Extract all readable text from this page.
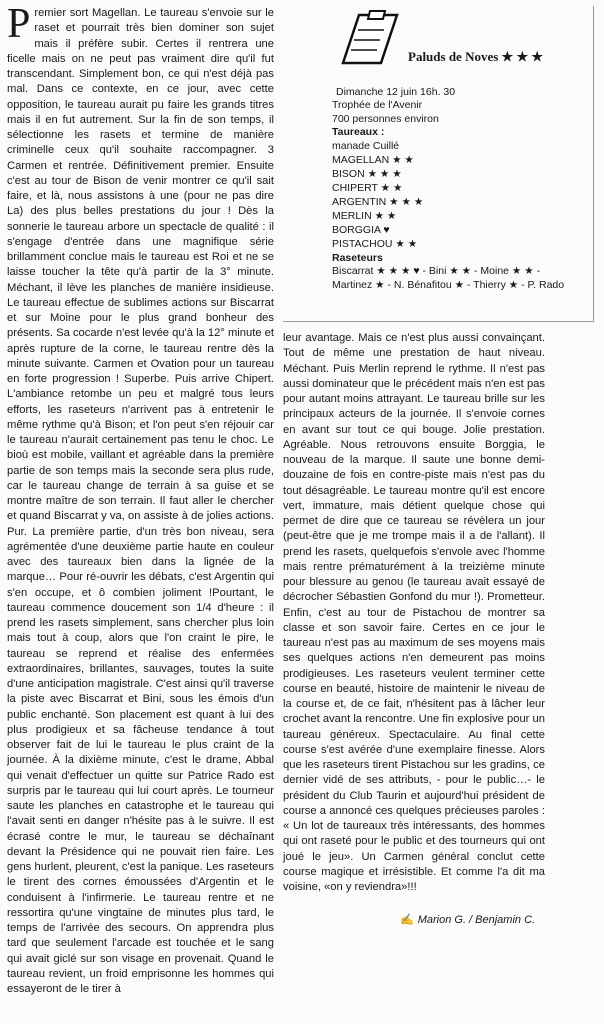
Premier sort Magellan. Le taureau s'envoie sur le raset et pourrait très bien dominer son sujet mais il préfère subir. Certes il rentrera une ficelle mais on ne peut pas vraiment dire qu'il fut transcendant. Simplement bon, ce qui n'est déjà pas mal. Dans ce contexte, en ce jour, avec cette opposition, le taureau aurait pu faire les grands titres mais il en fut autrement. Sur la fin de son temps, il sélectionne les rasets et termine de manière criminelle ceux qu'il souhaite raccompagner. 3 Carmen et rentrée. Définitivement premier. Ensuite c'est au tour de Bison de venir montrer ce qu'il sait faire, et là, nous assistons à une (pour ne pas dire La) des plus belles prestations du jour ! Dès la sonnerie le taureau arbore un spectacle de qualité : il s'engage d'entrée dans une magnifique série brillamment conclue mais le taureau est Roi et ne se laisse toucher la tête qu'à partir de la 3° minute. Méchant, il lève les planches de manière insidieuse. Le taureau effectue de sublimes actions sur Biscarrat et sur Moine pour le plus grand bonheur des présents. Sa cocarde n'est levée qu'à la 12° minute et après rupture de la corne, le taureau rentre dès la minute suivante. Carmen et Ovation pour un taureau en forte progression ! Superbe. Puis arrive Chipert. L'ambiance retombe un peu et malgré tous leurs efforts, les raseteurs n'arrivent pas à entretenir le même rythme qu'à Bison; et l'on peut s'en réjouir car le taureau n'aurait certainement pas tenu le choc. Le bioù est mobile, vaillant et agréable dans la première partie de son temps mais la seconde sera plus rude, car le taureau change de terrain à sa guise et se montre maître de son terrain. Il faut aller le chercher et quand Biscarrat y va, on assiste à de jolies actions. Pur. La première partie, d'un très bon niveau, sera agrémentée d'une deuxième partie haute en couleur avec des taureaux bien dans la lignée de la marque… Pour ré-ouvrir les débats, c'est Argentin qui s'en occupe, et ô combien joliment !Pourtant, le taureau commence doucement son 1/4 d'heure : il prend les rasets simplement, sans chercher plus loin mais tout à coup, alors que l'on craint le pire, le taureau se reprend et réalise des enfermées extraordinaires, brillantes, sauvages, toutes la suite d'une anticipation magistrale. C'est ainsi qu'il traverse la piste avec Biscarrat et Bini, sous les émois d'un public enchanté. Son placement est quant à lui des plus prodigieux et sa fâcheuse tendance à tout observer fait de lui le taureau le plus craint de la journée. À la dixième minute, c'est le drame, Abbal qui venait d'effectuer un quitte sur Patrice Rado est surpris par le taureau qui lui court après. Le tourneur saute les planches en catastrophe et le taureau qui l'avait senti en danger n'hésite pas à le suivre. Il est écrasé contre le mur, le taureau se déchaînant devant la Présidence qui ne pouvait rien faire. Les gens hurlent, pleurent, c'est la panique. Les raseteurs le tirent des cornes émoussées d'Argentin et le conduisent à l'infirmerie. Le taureau rentre et ne ressortira qu'une vingtaine de minutes plus tard, le temps de l'arrivée des secours. On apprendra plus tard que seulement l'arcade est touchée et le sang qui avait giclé sur son visage en provenait. Quand le taureau revient, un froid emprisonne les hommes qui essayeront de le tirer à

Paluds de Noves ★ ★ ★
Dimanche 12 juin 16h. 30
Trophée de l'Avenir
700 personnes environ
Taureaux :
manade Cuillé
MAGELLAN ★ ★
BISON ★ ★ ★
CHIPERT ★ ★
ARGENTIN ★ ★ ★
MERLIN ★ ★
BORGGIA ♥
PISTACHOU ★ ★
Raseteurs
Biscarrat ★ ★ ★ ♥ - Bini ★ ★ - Moine ★ ★ -
Martinez ★ - N. Bénafitou ★ - Thierry ★ - P. Rado

leur avantage. Mais ce n'est plus aussi convainçant. Tout de même une prestation de haut niveau. Méchant. Puis Merlin reprend le rythme. Il n'est pas aussi dominateur que le précédent mais n'en est pas pour autant moins attrayant. Le taureau brille sur les principaux acteurs de la journée. Il s'envoie cornes en avant sur tout ce qui bouge. Jolie prestation. Agréable. Nous retrouvons ensuite Borggia, le nouveau de la marque. Il saute une bonne demi-douzaine de fois en contre-piste mais n'est pas du tout désagréable. Le taureau montre qu'il est encore vert, immature, mais détient quelque chose qui permet de dire que ce taureau se révèlera un jour (peut-être que je me trompe mais il a de l'allant). Il prend les rasets, quelquefois s'envole avec l'homme mais rentre prématurément à la treizième minute pour blessure au genou (le taureau avait essayé de décrocher Sébastien Gonfond du mur !). Prometteur. Enfin, c'est au tour de Pistachou de montrer sa classe et son savoir faire. Certes en ce jour le taureau n'est pas au maximum de ses moyens mais ses quelques actions n'en demeurent pas moins prodigieuses. Les raseteurs veulent terminer cette course en beauté, histoire de maintenir le niveau de la course et, de ce fait, n'hésitent pas à lâcher leur crochet avant la rencontre. Une fin explosive pour un taureau généreux. Spectaculaire. Au final cette course s'est avérée d'une exemplaire finesse. Alors que les raseteurs tirent Pistachou sur les gradins, ce dernier vidé de ses attributs, - pour le public…- le président du Club Taurin et aujourd'hui président de course a annoncé ces quelques précieuses paroles : « Un lot de taureaux très intéressants, des hommes qui ont raseté pour le public et des tourneurs qui ont joué le jeu». Un Carmen général conclut cette course magique et irrésistible. Et comme l'a dit ma voisine, «on y reviendra»!!!

✍ Marion G. / Benjamin C.
